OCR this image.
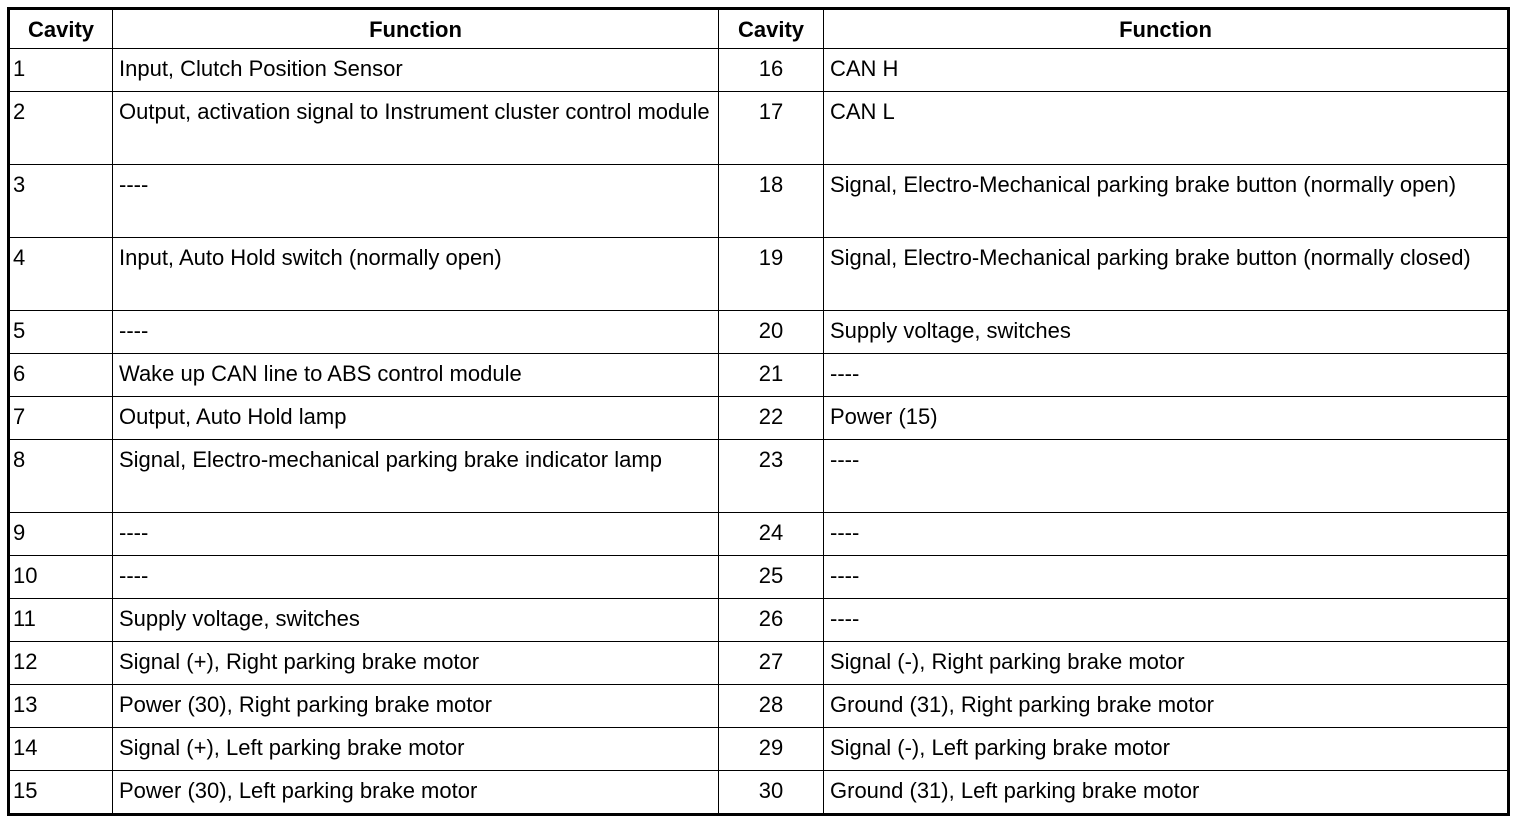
Cavity	Function	Cavity	Function
1	Input, Clutch Position Sensor	16	CAN H
2	Output, activation signal to Instrument cluster control module	17	CAN L
3	----	18	Signal, Electro-Mechanical parking brake button (normally open)
4	Input, Auto Hold switch (normally open)	19	Signal, Electro-Mechanical parking brake button (normally closed)
5	----	20	Supply voltage, switches
6	Wake up CAN line to ABS control module	21	----
7	Output, Auto Hold lamp	22	Power (15)
8	Signal, Electro-mechanical parking brake indicator lamp	23	----
9	----	24	----
10	----	25	----
11	Supply voltage, switches	26	----
12	Signal (+), Right parking brake motor	27	Signal (-), Right parking brake motor
13	Power (30), Right parking brake motor	28	Ground (31), Right parking brake motor
14	Signal (+), Left parking brake motor	29	Signal (-), Left parking brake motor
15	Power (30), Left parking brake motor	30	Ground (31), Left parking brake motor
